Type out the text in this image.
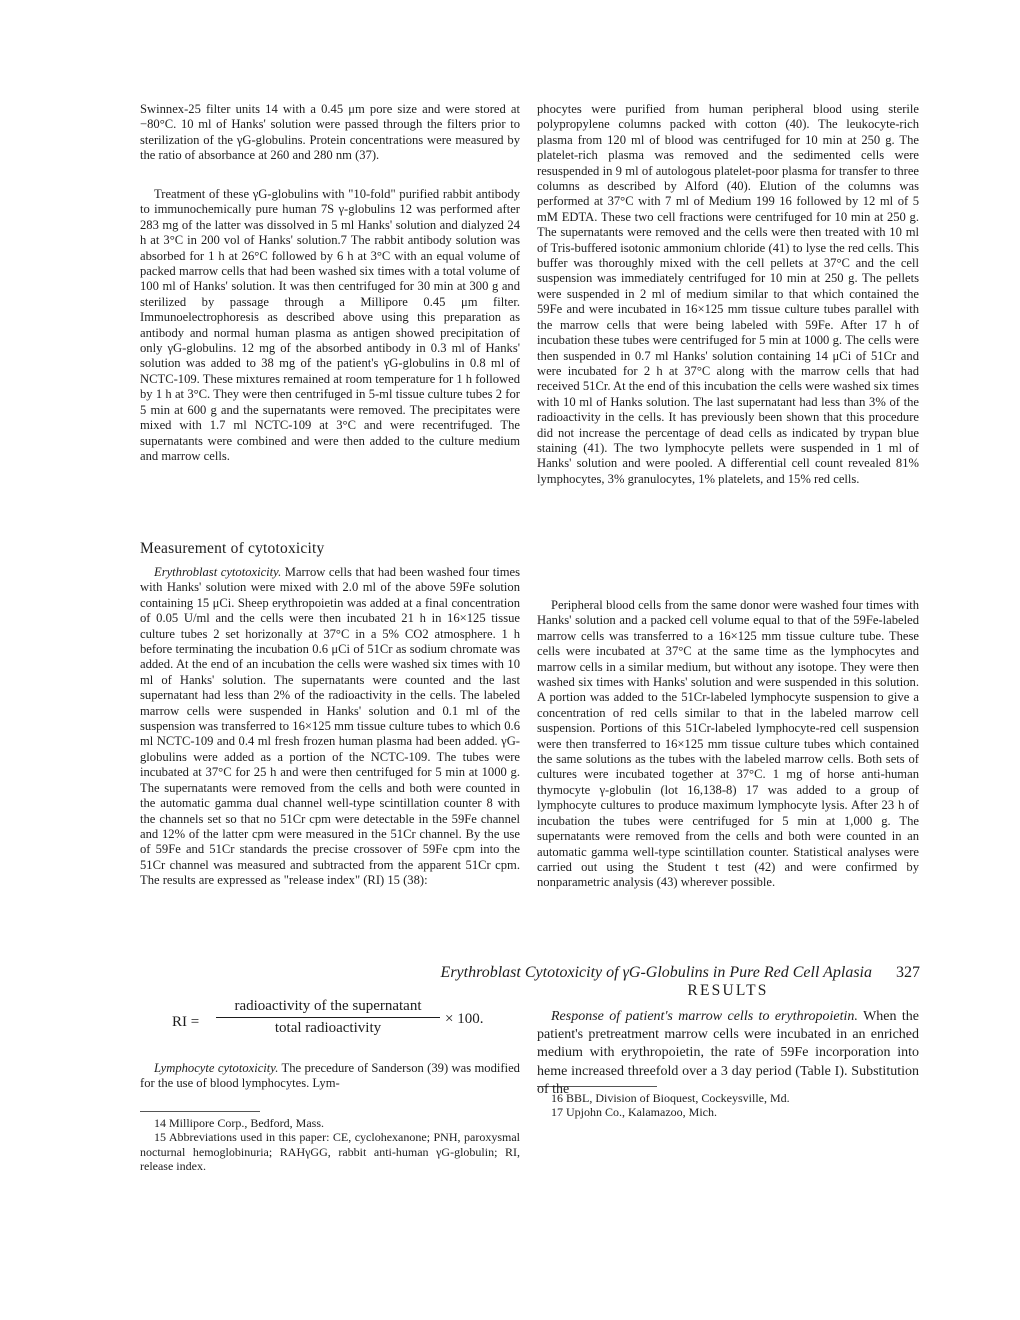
Swinnex-25 filter units 14 with a 0.45 μm pore size and were stored at −80°C. 10 ml of Hanks' solution were passed through the filters prior to sterilization of the γG-globulins. Protein concentrations were measured by the ratio of absorbance at 260 and 280 nm (37).

Treatment of these γG-globulins with "10-fold" purified rabbit antibody to immunochemically pure human 7S γ-globulins 12 was performed after 283 mg of the latter was dissolved in 5 ml Hanks' solution and dialyzed 24 h at 3°C in 200 vol of Hanks' solution.7 The rabbit antibody solution was absorbed for 1 h at 26°C followed by 6 h at 3°C with an equal volume of packed marrow cells that had been washed six times with a total volume of 100 ml of Hanks' solution. It was then centrifuged for 30 min at 300 g and sterilized by passage through a Millipore 0.45 μm filter. Immunoelectrophoresis as described above using this preparation as antibody and normal human plasma as antigen showed precipitation of only γG-globulins. 12 mg of the absorbed antibody in 0.3 ml of Hanks' solution was added to 38 mg of the patient's γG-globulins in 0.8 ml of NCTC-109. These mixtures remained at room temperature for 1 h followed by 1 h at 3°C. They were then centrifuged in 5-ml tissue culture tubes 2 for 5 min at 600 g and the supernatants were removed. The precipitates were mixed with 1.7 ml NCTC-109 at 3°C and were recentrifuged. The supernatants were combined and were then added to the culture medium and marrow cells.

Measurement of cytotoxicity

Erythroblast cytotoxicity. Marrow cells that had been washed four times with Hanks' solution were mixed with 2.0 ml of the above 59Fe solution containing 15 μCi. Sheep erythropoietin was added at a final concentration of 0.05 U/ml and the cells were then incubated 21 h in 16×125 tissue culture tubes 2 set horizonally at 37°C in a 5% CO2 atmosphere. 1 h before terminating the incubation 0.6 μCi of 51Cr as sodium chromate was added. At the end of an incubation the cells were washed six times with 10 ml of Hanks' solution. The supernatants were counted and the last supernatant had less than 2% of the radioactivity in the cells. The labeled marrow cells were suspended in Hanks' solution and 0.1 ml of the suspension was transferred to 16×125 mm tissue culture tubes to which 0.6 ml NCTC-109 and 0.4 ml fresh frozen human plasma had been added. γG-globulins were added as a portion of the NCTC-109. The tubes were incubated at 37°C for 25 h and were then centrifuged for 5 min at 1000 g. The supernatants were removed from the cells and both were counted in the automatic gamma dual channel well-type scintillation counter 8 with the channels set so that no 51Cr cpm were detectable in the 59Fe channel and 12% of the latter cpm were measured in the 51Cr channel. By the use of 59Fe and 51Cr standards the precise crossover of 59Fe cpm into the 51Cr channel was measured and subtracted from the apparent 51Cr cpm. The results are expressed as "release index" (RI) 15 (38):

RI =
radioactivity of the supernatant
total radioactivity
× 100.

Lymphocyte cytotoxicity. The precedure of Sanderson (39) was modified for the use of blood lymphocytes. Lym-

14 Millipore Corp., Bedford, Mass.

15 Abbreviations used in this paper: CE, cyclohexanone; PNH, paroxysmal nocturnal hemoglobinuria; RAHγGG, rabbit anti-human γG-globulin; RI, release index.

phocytes were purified from human peripheral blood using sterile polypropylene columns packed with cotton (40). The leukocyte-rich plasma from 120 ml of blood was centrifuged for 10 min at 250 g. The platelet-rich plasma was removed and the sedimented cells were resuspended in 9 ml of autologous platelet-poor plasma for transfer to three columns as described by Alford (40). Elution of the columns was performed at 37°C with 7 ml of Medium 199 16 followed by 12 ml of 5 mM EDTA. These two cell fractions were centrifuged for 10 min at 250 g. The supernatants were removed and the cells were then treated with 10 ml of Tris-buffered isotonic ammonium chloride (41) to lyse the red cells. This buffer was thoroughly mixed with the cell pellets at 37°C and the cell suspension was immediately centrifuged for 10 min at 250 g. The pellets were suspended in 2 ml of medium similar to that which contained the 59Fe and were incubated in 16×125 mm tissue culture tubes parallel with the marrow cells that were being labeled with 59Fe. After 17 h of incubation these tubes were centrifuged for 5 min at 1000 g. The cells were then suspended in 0.7 ml Hanks' solution containing 14 μCi of 51Cr and were incubated for 2 h at 37°C along with the marrow cells that had received 51Cr. At the end of this incubation the cells were washed six times with 10 ml of Hanks solution. The last supernatant had less than 3% of the radioactivity in the cells. It has previously been shown that this procedure did not increase the percentage of dead cells as indicated by trypan blue staining (41). The two lymphocyte pellets were suspended in 1 ml of Hanks' solution and were pooled. A differential cell count revealed 81% lymphocytes, 3% granulocytes, 1% platelets, and 15% red cells.

Peripheral blood cells from the same donor were washed four times with Hanks' solution and a packed cell volume equal to that of the 59Fe-labeled marrow cells was transferred to a 16×125 mm tissue culture tube. These cells were incubated at 37°C at the same time as the lymphocytes and marrow cells in a similar medium, but without any isotope. They were then washed six times with Hanks' solution and were suspended in this solution. A portion was added to the 51Cr-labeled lymphocyte suspension to give a concentration of red cells similar to that in the labeled marrow cell suspension. Portions of this 51Cr-labeled lymphocyte-red cell suspension were then transferred to 16×125 mm tissue culture tubes which contained the same solutions as the tubes with the labeled marrow cells. Both sets of cultures were incubated together at 37°C. 1 mg of horse anti-human thymocyte γ-globulin (lot 16,138-8) 17 was added to a group of lymphocyte cultures to produce maximum lymphocyte lysis. After 23 h of incubation the tubes were centrifuged for 5 min at 1,000 g. The supernatants were removed from the cells and both were counted in an automatic gamma well-type scintillation counter. Statistical analyses were carried out using the Student t test (42) and were confirmed by nonparametric analysis (43) wherever possible.

RESULTS

Response of patient's marrow cells to erythropoietin. When the patient's pretreatment marrow cells were incubated in an enriched medium with erythropoietin, the rate of 59Fe incorporation into heme increased threefold over a 3 day period (Table I). Substitution of the

16 BBL, Division of Bioquest, Cockeysville, Md.

17 Upjohn Co., Kalamazoo, Mich.

Erythroblast Cytotoxicity of γG-Globulins in Pure Red Cell Aplasia 327
